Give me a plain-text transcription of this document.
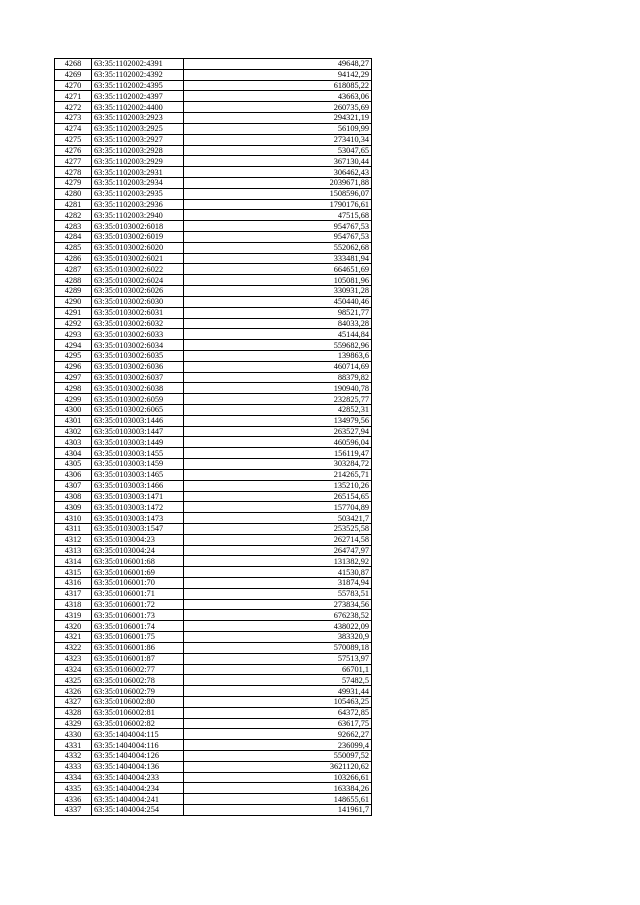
4268	63:35:1102002:4391	49648,27
4269	63:35:1102002:4392	94142,29
4270	63:35:1102002:4395	618085,22
4271	63:35:1102002:4397	43663,06
4272	63:35:1102002:4400	260735,69
4273	63:35:1102003:2923	294321,19
4274	63:35:1102003:2925	56109,99
4275	63:35:1102003:2927	273410,34
4276	63:35:1102003:2928	53047,65
4277	63:35:1102003:2929	367130,44
4278	63:35:1102003:2931	306462,43
4279	63:35:1102003:2934	2039671,88
4280	63:35:1102003:2935	1508596,07
4281	63:35:1102003:2936	1790176,61
4282	63:35:1102003:2940	47515,68
4283	63:35:0103002:6018	954767,53
4284	63:35:0103002:6019	954767,53
4285	63:35:0103002:6020	552062,68
4286	63:35:0103002:6021	333481,94
4287	63:35:0103002:6022	664651,69
4288	63:35:0103002:6024	105081,96
4289	63:35:0103002:6026	330931,28
4290	63:35:0103002:6030	450440,46
4291	63:35:0103002:6031	98521,77
4292	63:35:0103002:6032	84033,28
4293	63:35:0103002:6033	45144,84
4294	63:35:0103002:6034	559682,96
4295	63:35:0103002:6035	139863,6
4296	63:35:0103002:6036	460714,69
4297	63:35:0103002:6037	88379,82
4298	63:35:0103002:6038	190940,78
4299	63:35:0103002:6059	232825,77
4300	63:35:0103002:6065	42852,31
4301	63:35:0103003:1446	134979,56
4302	63:35:0103003:1447	263527,94
4303	63:35:0103003:1449	460596,04
4304	63:35:0103003:1455	156119,47
4305	63:35:0103003:1459	303284,72
4306	63:35:0103003:1465	214265,71
4307	63:35:0103003:1466	135210,26
4308	63:35:0103003:1471	265154,65
4309	63:35:0103003:1472	157704,89
4310	63:35:0103003:1473	503421,7
4311	63:35:0103003:1547	253525,58
4312	63:35:0103004:23	262714,58
4313	63:35:0103004:24	264747,97
4314	63:35:0106001:68	131382,92
4315	63:35:0106001:69	41530,87
4316	63:35:0106001:70	31874,94
4317	63:35:0106001:71	55783,51
4318	63:35:0106001:72	273834,56
4319	63:35:0106001:73	676238,52
4320	63:35:0106001:74	438022,09
4321	63:35:0106001:75	383320,9
4322	63:35:0106001:86	570089,18
4323	63:35:0106001:87	57513,97
4324	63:35:0106002:77	66701,1
4325	63:35:0106002:78	57482,5
4326	63:35:0106002:79	49931,44
4327	63:35:0106002:80	105463,25
4328	63:35:0106002:81	64372,85
4329	63:35:0106002:82	63617,75
4330	63:35:1404004:115	92662,27
4331	63:35:1404004:116	236099,4
4332	63:35:1404004:126	550097,52
4333	63:35:1404004:136	3621120,62
4334	63:35:1404004:233	103266,61
4335	63:35:1404004:234	163384,26
4336	63:35:1404004:241	148655,61
4337	63:35:1404004:254	141961,7
